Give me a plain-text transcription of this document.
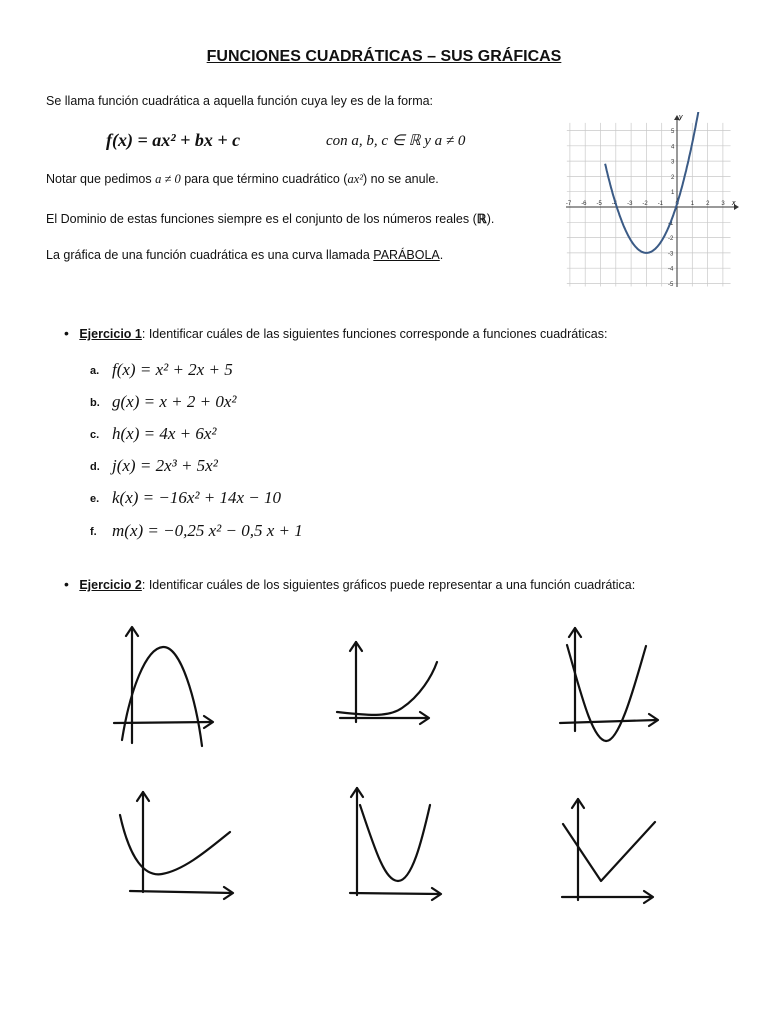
FUNCIONES CUADRÁTICAS – SUS GRÁFICAS
Se llama función cuadrática a aquella función cuya ley es de la forma:
f(x) = ax² + bx + c	con a, b, c ∈ ℝ y a ≠ 0
Notar que pedimos a ≠ 0 para que término cuadrático (ax²) no se anule.
El Dominio de estas funciones siempre es el conjunto de los números reales (ℝ).
La gráfica de una función cuadrática es una curva llamada PARÁBOLA.
-7 -6 -5 -4 -3 -2 -1 0 1 2 3
5
4
3
2
1
-1
-2
-3
-4
-5
x
y
• Ejercicio 1: Identificar cuáles de las siguientes funciones corresponde a funciones cuadráticas:
a. f(x) = x² + 2x + 5
b. g(x) = x + 2 + 0x²
c. h(x) = 4x + 6x²
d. j(x) = 2x³ + 5x²
e. k(x) = −16x² + 14x − 10
f. m(x) = −0,25 x² − 0,5 x + 1
• Ejercicio 2: Identificar cuáles de los siguientes gráficos puede representar a una función cuadrática:
